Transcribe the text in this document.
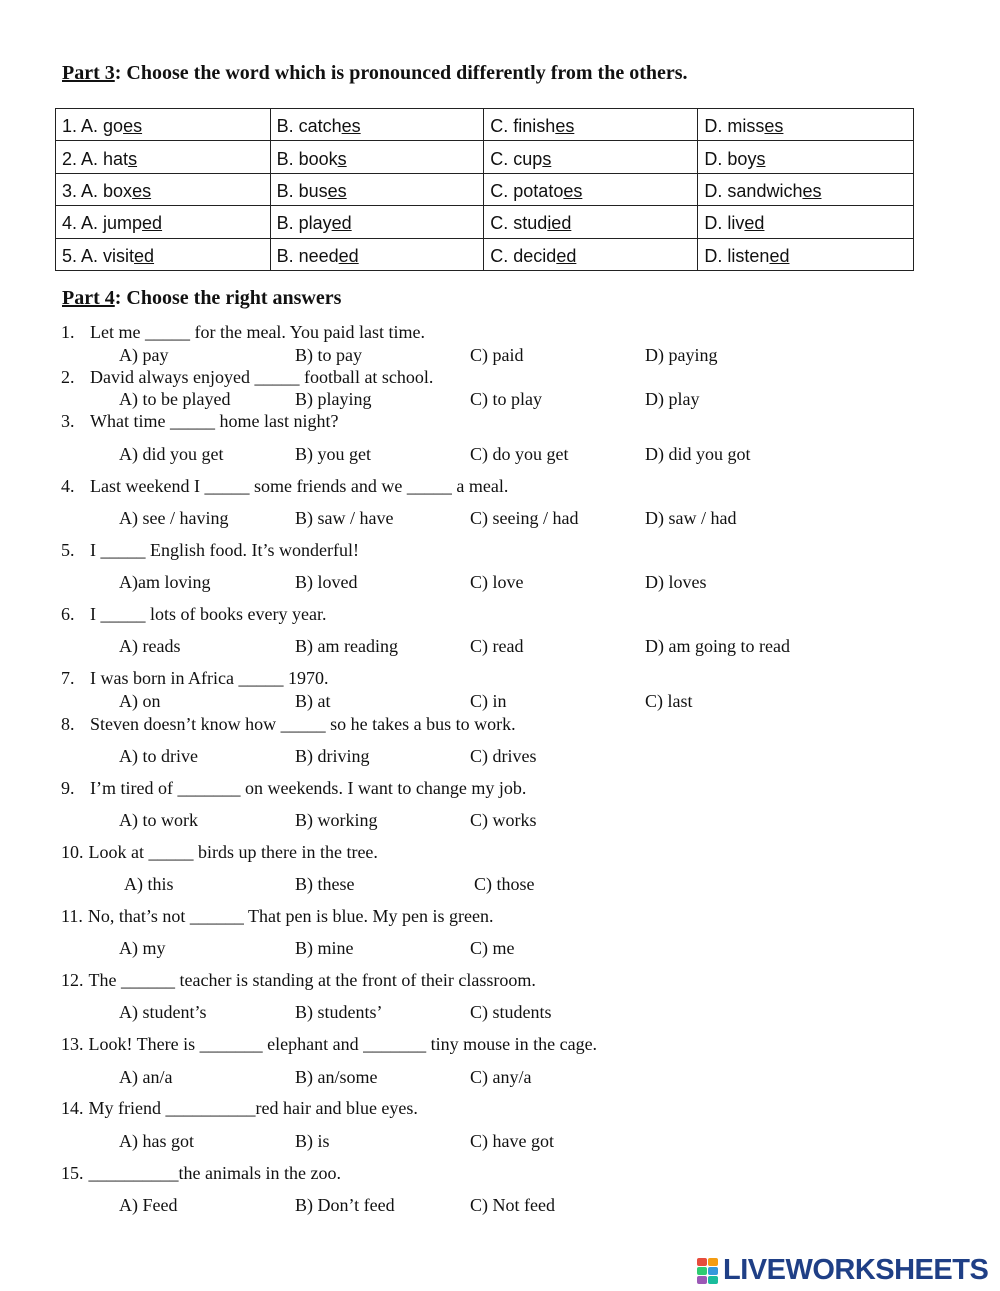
Part 3: Choose the word which is pronounced differently from the others.
1. A. goes	B. catches	C. finishes	D. misses
2. A. hats	B. books	C. cups	D. boys
3. A. boxes	B. buses	C. potatoes	D. sandwiches
4. A. jumped	B. played	C. studied	D. lived
5. A. visited	B. needed	C. decided	D. listened
Part 4: Choose the right answers
1. Let me _____ for the meal. You paid last time.
A) pay	B) to pay	C) paid	D) paying
2. David always enjoyed _____ football at school.
A) to be played	B) playing	C) to play	D) play
3. What time _____ home last night?
A) did you get	B) you get	C) do you get	D) did you got
4. Last weekend I _____ some friends and we _____ a meal.
A) see / having	B) saw / have	C) seeing / had	D) saw / had
5. I _____ English food. It’s wonderful!
A)am loving	B) loved	C) love	D) loves
6. I _____ lots of books every year.
A) reads	B) am reading	C) read	D) am going to read
7. I was born in Africa _____ 1970.
A) on	B) at	C) in	C) last
8. Steven doesn’t know how _____ so he takes a bus to work.
A) to drive	B) driving	C) drives
9. I’m tired of _______ on weekends. I want to change my job.
A) to work	B) working	C) works
10. Look at _____ birds up there in the tree.
A) this	B) these	C) those
11. No, that’s not ______ That pen is blue. My pen is green.
A) my	B) mine	C) me
12. The ______ teacher is standing at the front of their classroom.
A) student’s	B) students’	C) students
13. Look! There is _______ elephant and _______ tiny mouse in the cage.
A) an/a	B) an/some	C) any/a
14. My friend __________red hair and blue eyes.
A) has got	B) is	C) have got
15. __________the animals in the zoo.
A) Feed	B) Don’t feed	C) Not feed
LIVEWORKSHEETS
